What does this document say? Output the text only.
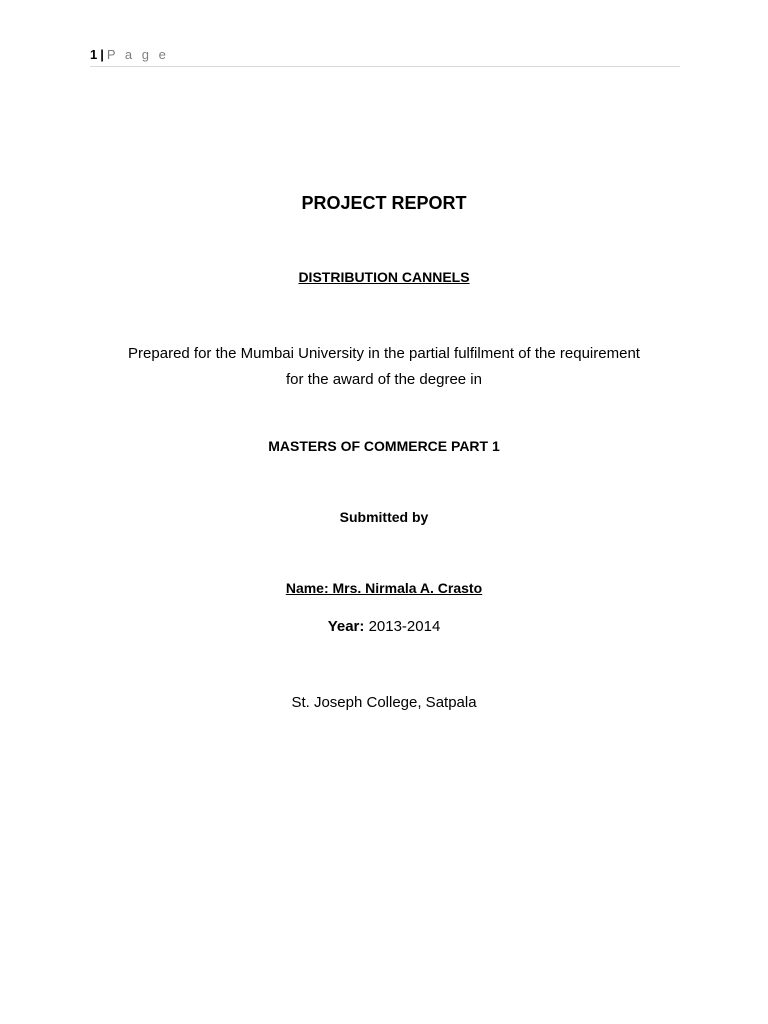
1 | P a g e
PROJECT REPORT
DISTRIBUTION CANNELS
Prepared for the Mumbai University in the partial fulfilment of the requirement
for the award of the degree in
MASTERS OF COMMERCE PART 1
Submitted by
Name: Mrs. Nirmala A. Crasto
Year: 2013-2014
St. Joseph College, Satpala
